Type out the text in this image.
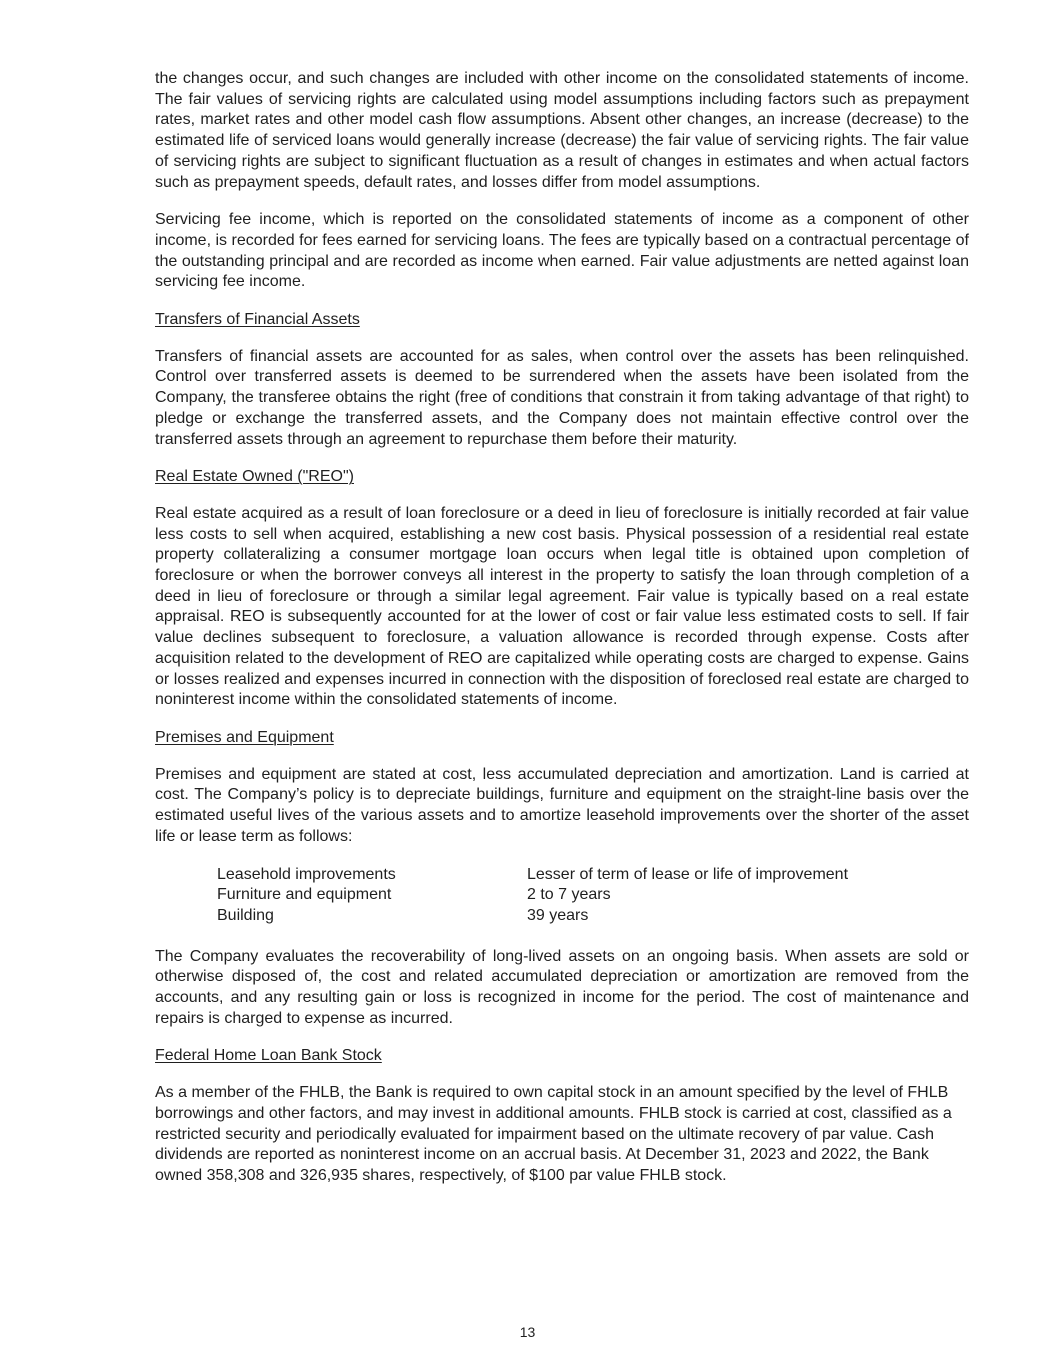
the changes occur, and such changes are included with other income on the consolidated statements of income. The fair values of servicing rights are calculated using model assumptions including factors such as prepayment rates, market rates and other model cash flow assumptions. Absent other changes, an increase (decrease) to the estimated life of serviced loans would generally increase (decrease) the fair value of servicing rights. The fair value of servicing rights are subject to significant fluctuation as a result of changes in estimates and when actual factors such as prepayment speeds, default rates, and losses differ from model assumptions.

Servicing fee income, which is reported on the consolidated statements of income as a component of other income, is recorded for fees earned for servicing loans. The fees are typically based on a contractual percentage of the outstanding principal and are recorded as income when earned. Fair value adjustments are netted against loan servicing fee income.

Transfers of Financial Assets

Transfers of financial assets are accounted for as sales, when control over the assets has been relinquished. Control over transferred assets is deemed to be surrendered when the assets have been isolated from the Company, the transferee obtains the right (free of conditions that constrain it from taking advantage of that right) to pledge or exchange the transferred assets, and the Company does not maintain effective control over the transferred assets through an agreement to repurchase them before their maturity.

Real Estate Owned ("REO")

Real estate acquired as a result of loan foreclosure or a deed in lieu of foreclosure is initially recorded at fair value less costs to sell when acquired, establishing a new cost basis. Physical possession of a residential real estate property collateralizing a consumer mortgage loan occurs when legal title is obtained upon completion of foreclosure or when the borrower conveys all interest in the property to satisfy the loan through completion of a deed in lieu of foreclosure or through a similar legal agreement. Fair value is typically based on a real estate appraisal. REO is subsequently accounted for at the lower of cost or fair value less estimated costs to sell. If fair value declines subsequent to foreclosure, a valuation allowance is recorded through expense. Costs after acquisition related to the development of REO are capitalized while operating costs are charged to expense. Gains or losses realized and expenses incurred in connection with the disposition of foreclosed real estate are charged to noninterest income within the consolidated statements of income.

Premises and Equipment

Premises and equipment are stated at cost, less accumulated depreciation and amortization. Land is carried at cost. The Company’s policy is to depreciate buildings, furniture and equipment on the straight-line basis over the estimated useful lives of the various assets and to amortize leasehold improvements over the shorter of the asset life or lease term as follows:

Leasehold improvements	Lesser of term of lease or life of improvement
Furniture and equipment	2 to 7 years
Building	39 years

The Company evaluates the recoverability of long-lived assets on an ongoing basis. When assets are sold or otherwise disposed of, the cost and related accumulated depreciation or amortization are removed from the accounts, and any resulting gain or loss is recognized in income for the period. The cost of maintenance and repairs is charged to expense as incurred.

Federal Home Loan Bank Stock

As a member of the FHLB, the Bank is required to own capital stock in an amount specified by the level of FHLB borrowings and other factors, and may invest in additional amounts. FHLB stock is carried at cost, classified as a restricted security and periodically evaluated for impairment based on the ultimate recovery of par value. Cash dividends are reported as noninterest income on an accrual basis. At December 31, 2023 and 2022, the Bank owned 358,308 and 326,935 shares, respectively, of $100 par value FHLB stock.

13
